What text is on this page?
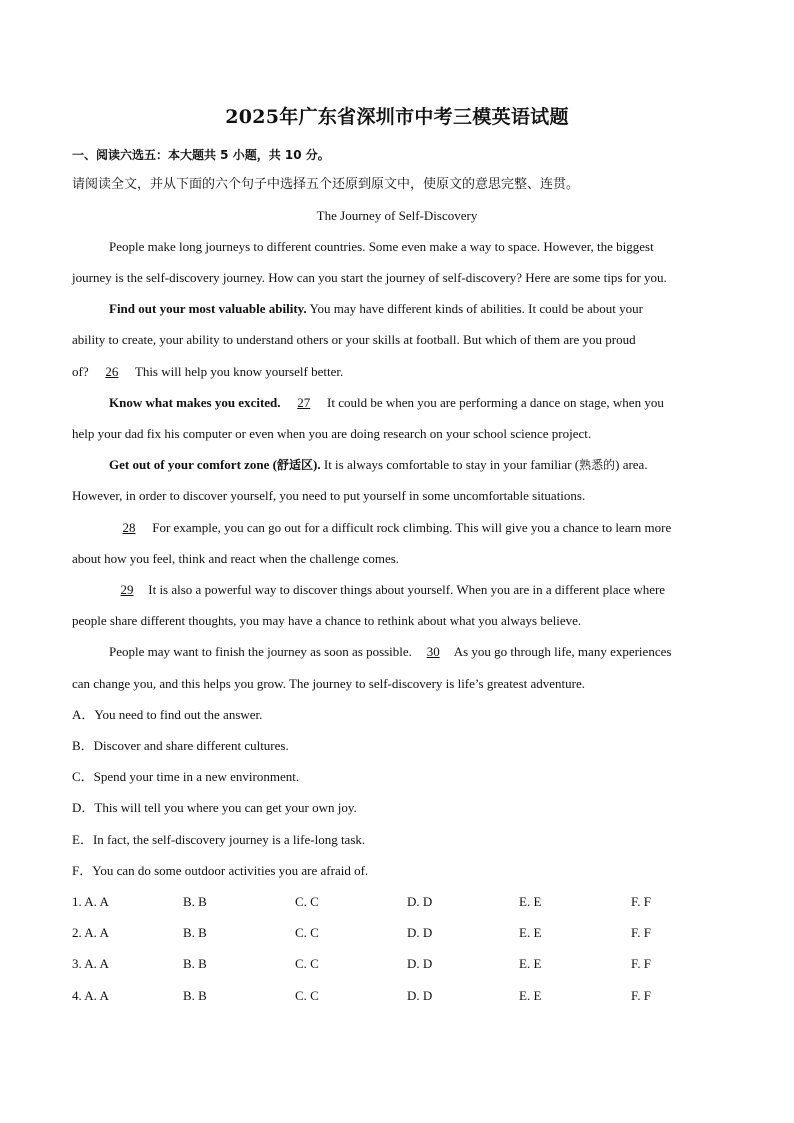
2025年广东省深圳市中考三模英语试题
一、阅读六选五：本大题共 5 小题，共 10 分。
请阅读全文，并从下面的六个句子中选择五个还原到原文中，使原文的意思完整、连贯。
The Journey of Self-Discovery
People make long journeys to different countries. Some even make a way to space. However, the biggest
journey is the self-discovery journey. How can you start the journey of self-discovery? Here are some tips for you.
Find out your most valuable ability. You may have different kinds of abilities. It could be about your
ability to create, your ability to understand others or your skills at football. But which of them are you proud
of? 26 This will help you know yourself better.
Know what makes you excited. 27 It could be when you are performing a dance on stage, when you
help your dad fix his computer or even when you are doing research on your school science project.
Get out of your comfort zone (舒适区). It is always comfortable to stay in your familiar (熟悉的) area.
However, in order to discover yourself, you need to put yourself in some uncomfortable situations.
28 For example, you can go out for a difficult rock climbing. This will give you a chance to learn more
about how you feel, think and react when the challenge comes.
29 It is also a powerful way to discover things about yourself. When you are in a different place where
people share different thoughts, you may have a chance to rethink about what you always believe.
People may want to finish the journey as soon as possible. 30 As you go through life, many experiences
can change you, and this helps you grow. The journey to self-discovery is life’s greatest adventure.
A．You need to find out the answer.
B．Discover and share different cultures.
C．Spend your time in a new environment.
D．This will tell you where you can get your own joy.
E．In fact, the self-discovery journey is a life-long task.
F．You can do some outdoor activities you are afraid of.
1. A. A	B. B	C. C	D. D	E. E	F. F
2. A. A	B. B	C. C	D. D	E. E	F. F
3. A. A	B. B	C. C	D. D	E. E	F. F
4. A. A	B. B	C. C	D. D	E. E	F. F
